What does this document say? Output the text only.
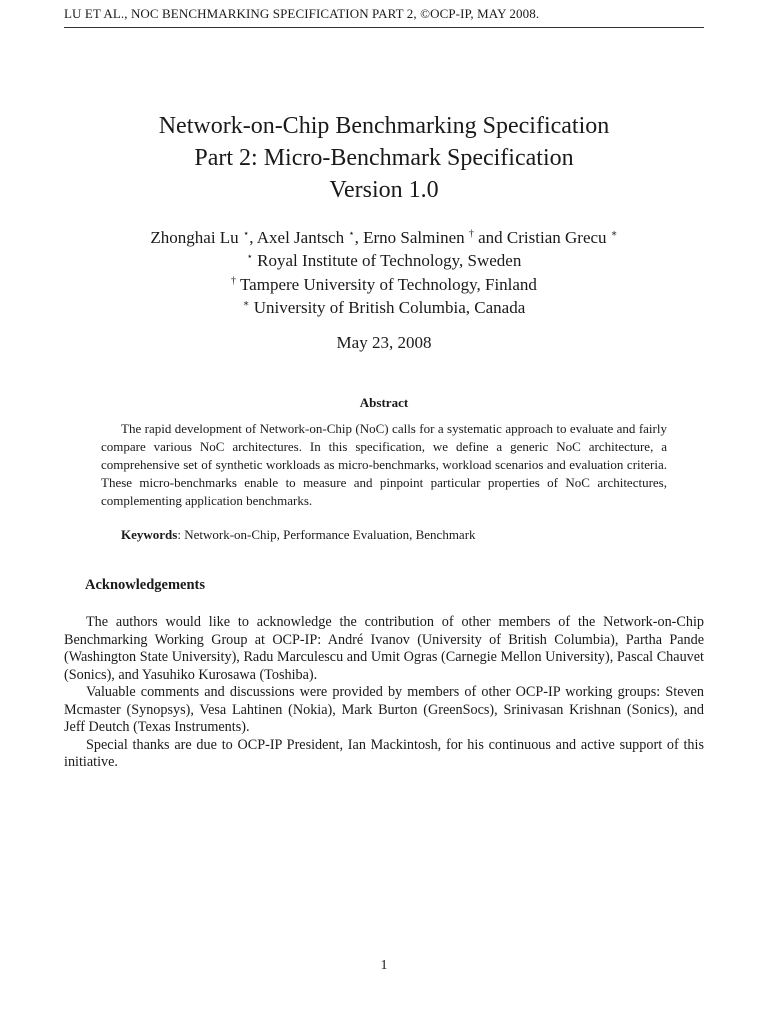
LU ET AL., NOC BENCHMARKING SPECIFICATION PART 2, ©OCP-IP, MAY 2008.
Network-on-Chip Benchmarking Specification
Part 2: Micro-Benchmark Specification
Version 1.0
Zhonghai Lu ⋆, Axel Jantsch ⋆, Erno Salminen † and Cristian Grecu ∗
⋆ Royal Institute of Technology, Sweden
† Tampere University of Technology, Finland
∗ University of British Columbia, Canada
May 23, 2008
Abstract

The rapid development of Network-on-Chip (NoC) calls for a systematic approach to evaluate and fairly compare various NoC architectures. In this specification, we define a generic NoC architecture, a comprehensive set of synthetic workloads as micro-benchmarks, workload scenarios and evaluation criteria. These micro-benchmarks enable to measure and pinpoint particular properties of NoC architectures, complementing application benchmarks.

Keywords: Network-on-Chip, Performance Evaluation, Benchmark
Acknowledgements

The authors would like to acknowledge the contribution of other members of the Network-on-Chip Benchmarking Working Group at OCP-IP: André Ivanov (University of British Columbia), Partha Pande (Washington State University), Radu Marculescu and Umit Ogras (Carnegie Mellon University), Pascal Chauvet (Sonics), and Yasuhiko Kurosawa (Toshiba).

Valuable comments and discussions were provided by members of other OCP-IP working groups: Steven Mcmaster (Synopsys), Vesa Lahtinen (Nokia), Mark Burton (GreenSocs), Srinivasan Krishnan (Sonics), and Jeff Deutch (Texas Instruments).

Special thanks are due to OCP-IP President, Ian Mackintosh, for his continuous and active support of this initiative.

1
